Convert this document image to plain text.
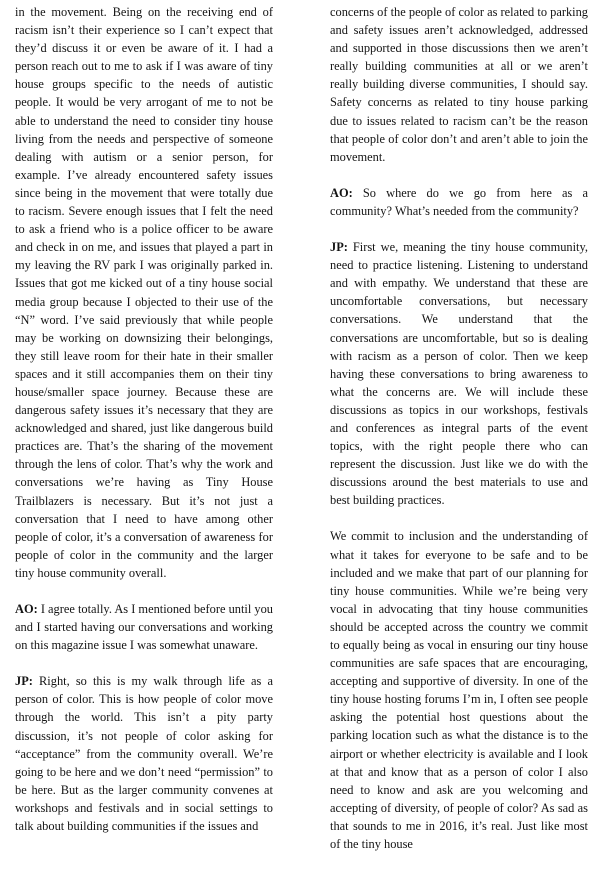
in the movement. Being on the receiving end of racism isn’t their experience so I can’t expect that they’d discuss it or even be aware of it. I had a person reach out to me to ask if I was aware of tiny house groups specific to the needs of autistic people. It would be very arrogant of me to not be able to understand the need to consider tiny house living from the needs and perspective of someone dealing with autism or a senior person, for example. I’ve already encountered safety issues since being in the movement that were totally due to racism. Severe enough issues that I felt the need to ask a friend who is a police officer to be aware and check in on me, and issues that played a part in my leaving the RV park I was originally parked in. Issues that got me kicked out of a tiny house social media group because I objected to their use of the “N” word. I’ve said previously that while people may be working on downsizing their belongings, they still leave room for their hate in their smaller spaces and it still accompanies them on their tiny house/smaller space journey. Because these are dangerous safety issues it’s necessary that they are acknowledged and shared, just like dangerous build practices are. That’s the sharing of the movement through the lens of color. That’s why the work and conversations we’re having as Tiny House Trailblazers is necessary. But it’s not just a conversation that I need to have among other people of color, it’s a conversation of awareness for people of color in the community and the larger tiny house community overall.

AO: I agree totally. As I mentioned before until you and I started having our conversations and working on this magazine issue I was somewhat unaware.

JP: Right, so this is my walk through life as a person of color. This is how people of color move through the world. This isn’t a pity party discussion, it’s not people of color asking for “acceptance” from the community overall. We’re going to be here and we don’t need “permission” to be here. But as the larger community convenes at workshops and festivals and in social settings to talk about building communities if the issues and

concerns of the people of color as related to parking and safety issues aren’t acknowledged, addressed and supported in those discussions then we aren’t really building communities at all or we aren’t really building diverse communities, I should say. Safety concerns as related to tiny house parking due to issues related to racism can’t be the reason that people of color don’t and aren’t able to join the movement.

AO: So where do we go from here as a community? What’s needed from the community?

JP: First we, meaning the tiny house community, need to practice listening. Listening to understand and with empathy. We understand that these are uncomfortable conversations, but necessary conversations. We understand that the conversations are uncomfortable, but so is dealing with racism as a person of color. Then we keep having these conversations to bring awareness to what the concerns are. We will include these discussions as topics in our workshops, festivals and conferences as integral parts of the event topics, with the right people there who can represent the discussion. Just like we do with the discussions around the best materials to use and best building practices.

We commit to inclusion and the understanding of what it takes for everyone to be safe and to be included and we make that part of our planning for tiny house communities. While we’re being very vocal in advocating that tiny house communities should be accepted across the country we commit to equally being as vocal in ensuring our tiny house communities are safe spaces that are encouraging, accepting and supportive of diversity. In one of the tiny house hosting forums I’m in, I often see people asking the potential host questions about the parking location such as what the distance is to the airport or whether electricity is available and I look at that and know that as a person of color I also need to know and ask are you welcoming and accepting of diversity, of people of color? As sad as that sounds to me in 2016, it’s real. Just like most of the tiny house
